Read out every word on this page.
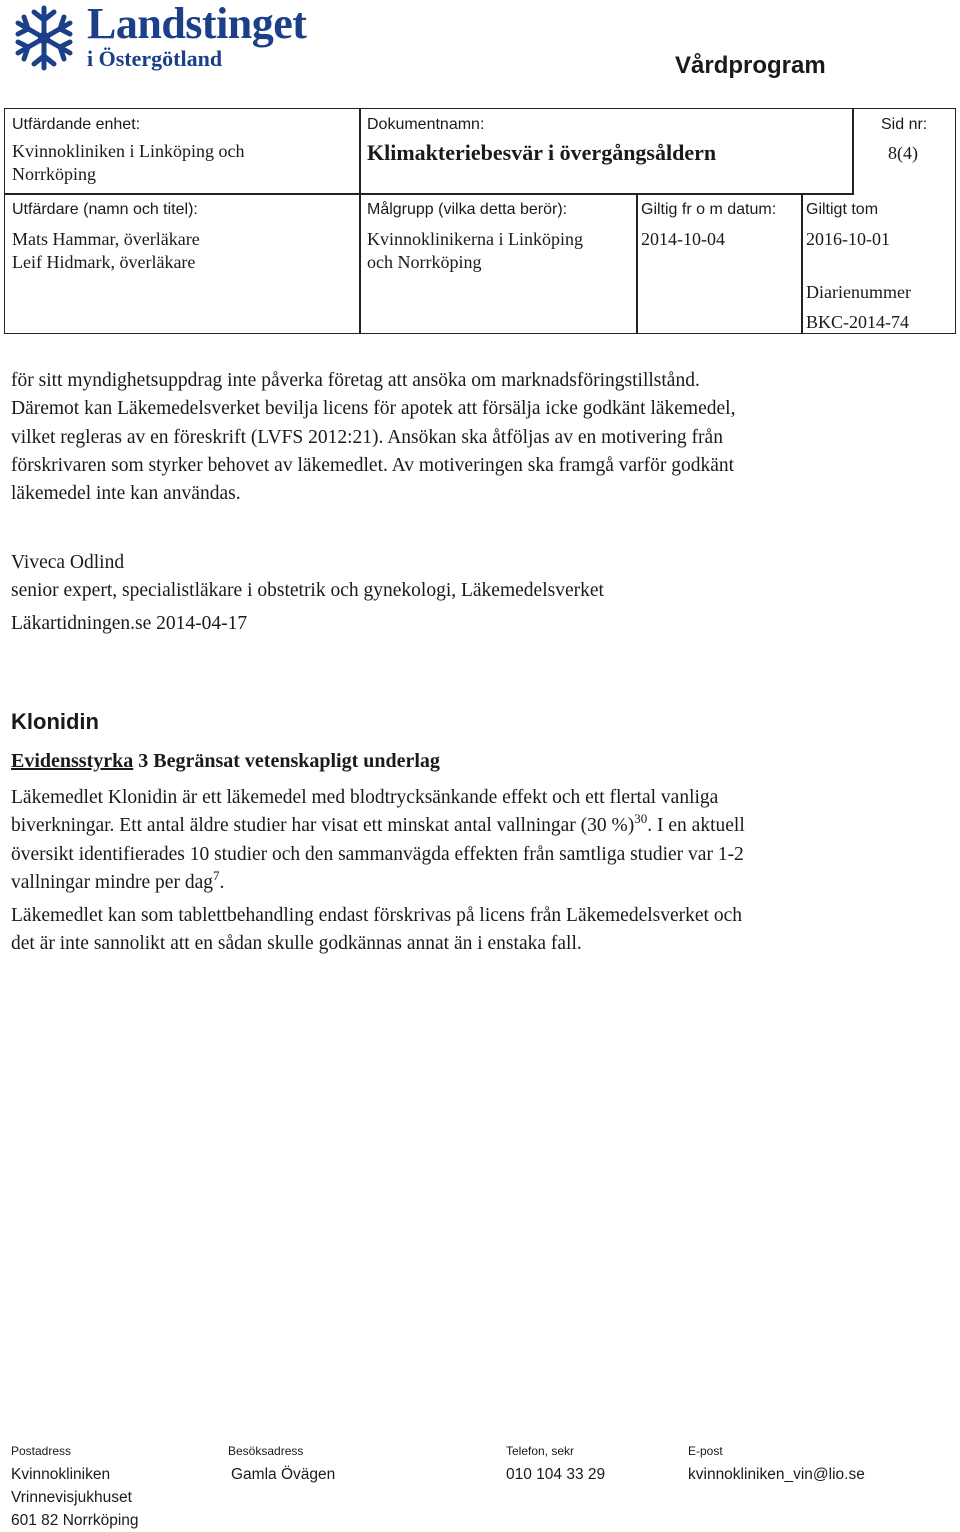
Landstinget
i Östergötland	Vårdprogram
Utfärdande enhet:
Kvinnokliniken i Linköping och
Norrköping
Dokumentnamn:
Klimakteriebesvär i övergångsåldern
Sid nr:
8(4)
Utfärdare (namn och titel):
Mats Hammar, överläkare
Leif Hidmark, överläkare
Målgrupp (vilka detta berör):
Kvinnoklinikerna i Linköping
och Norrköping
Giltig fr o m datum:
2014-10-04
Giltigt tom
2016-10-01
Diarienummer
BKC-2014-74
för sitt myndighetsuppdrag inte påverka företag att ansöka om marknadsföringstillstånd.
Däremot kan Läkemedelsverket bevilja licens för apotek att försälja icke godkänt läkemedel,
vilket regleras av en föreskrift (LVFS 2012:21). Ansökan ska åtföljas av en motivering från
förskrivaren som styrker behovet av läkemedlet. Av motiveringen ska framgå varför godkänt
läkemedel inte kan användas.
Viveca Odlind
senior expert, specialistläkare i obstetrik och gynekologi, Läkemedelsverket
Läkartidningen.se 2014-04-17
Klonidin
Evidensstyrka 3 Begränsat vetenskapligt underlag
Läkemedlet Klonidin är ett läkemedel med blodtrycksänkande effekt och ett flertal vanliga
biverkningar. Ett antal äldre studier har visat ett minskat antal vallningar (30 %)$^{30}$. I en aktuell
översikt identifierades 10 studier och den sammanvägda effekten från samtliga studier var 1-2
vallningar mindre per dag$^7$.
Läkemedlet kan som tablettbehandling endast förskrivas på licens från Läkemedelsverket och
det är inte sannolikt att en sådan skulle godkännas annat än i enstaka fall.
Postadress
Kvinnokliniken
Vrinnevisjukhuset
601 82 Norrköping
Besöksadress
Gamla Övägen
Telefon, sekr
010 104 33 29
E-post
kvinnokliniken_vin@lio.se
